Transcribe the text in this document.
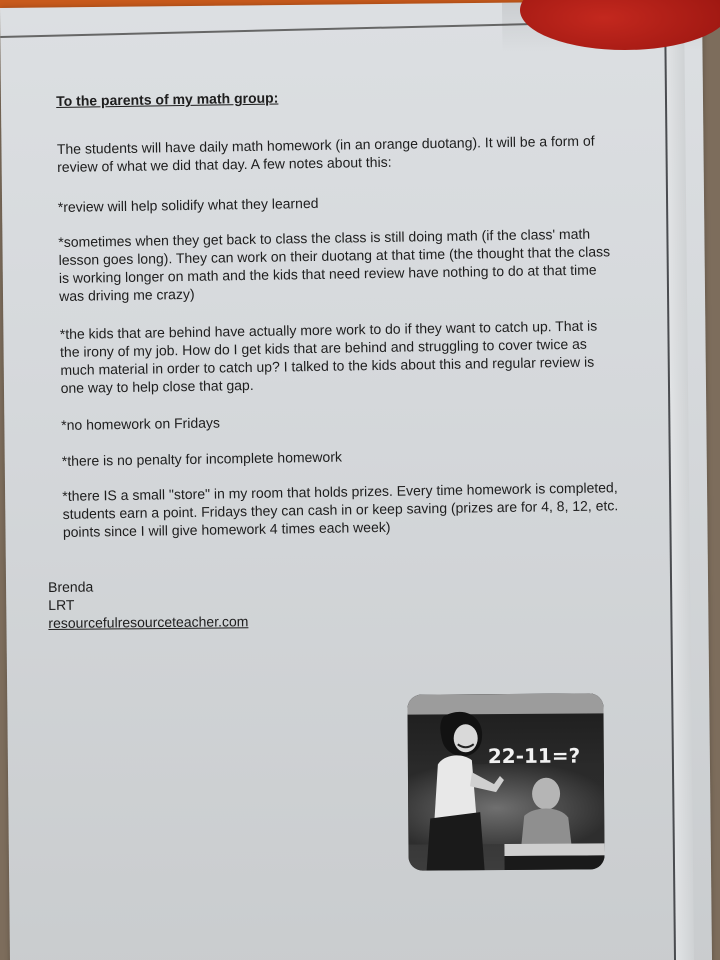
To the parents of my math group:
The students will have daily math homework (in an orange duotang). It will be a form of review of what we did that day. A few notes about this:
*review will help solidify what they learned
*sometimes when they get back to class the class is still doing math (if the class' math lesson goes long). They can work on their duotang at that time (the thought that the class is working longer on math and the kids that need review have nothing to do at that time was driving me crazy)
*the kids that are behind have actually more work to do if they want to catch up. That is the irony of my job. How do I get kids that are behind and struggling to cover twice as much material in order to catch up? I talked to the kids about this and regular review is one way to help close that gap.
*no homework on Fridays
*there is no penalty for incomplete homework
*there IS a small "store" in my room that holds prizes. Every time homework is completed, students earn a point. Fridays they can cash in or keep saving (prizes are for 4, 8, 12, etc. points since I will give homework 4 times each week)
Brenda
LRT
resourcefulresourceteacher.com
22-11=?
